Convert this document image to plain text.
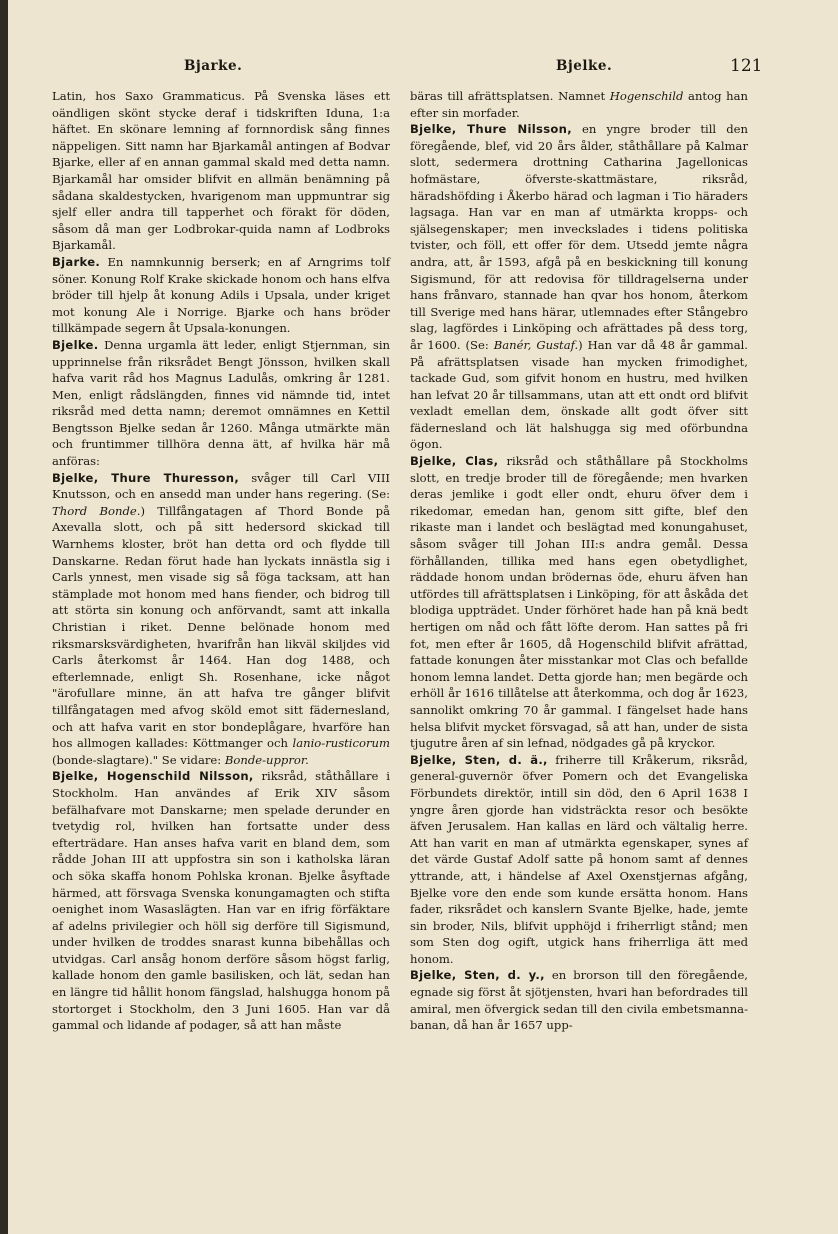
Bjarke.	Bjelke.	121

Latin, hos Saxo Grammaticus. På Svenska läses ett oändligen skönt stycke deraf i tidskriften Iduna, 1:a häftet. En skönare lemning af fornnordisk sång finnes näppeligen. Sitt namn har Bjarkamål antingen af Bodvar Bjarke, eller af en annan gammal skald med detta namn. Bjarkamål har omsider blifvit en allmän benämning på sådana skaldestycken, hvarigenom man uppmuntrar sig sjelf eller andra till tapperhet och förakt för döden, såsom då man ger Lodbrokar-quida namn af Lodbroks Bjarkamål.

Bjarke. En namnkunnig berserk; en af Arngrims tolf söner. Konung Rolf Krake skickade honom och hans elfva bröder till hjelp åt konung Adils i Upsala, under kriget mot konung Ale i Norrige. Bjarke och hans bröder tillkämpade segern åt Upsala-konungen.

Bjelke. Denna urgamla ätt leder, enligt Stjernman, sin upprinnelse från riksrådet Bengt Jönsson, hvilken skall hafva varit råd hos Magnus Ladulås, omkring år 1281. Men, enligt rådslängden, finnes vid nämnde tid, intet riksråd med detta namn; deremot omnämnes en Kettil Bengtsson Bjelke sedan år 1260. Många utmärkte män och fruntimmer tillhöra denna ätt, af hvilka här må anföras:

Bjelke, Thure Thuresson, svåger till Carl VIII Knutsson, och en ansedd man under hans regering. (Se: Thord Bonde.) Tillfångatagen af Thord Bonde på Axevalla slott, och på sitt hedersord skickad till Warnhems kloster, bröt han detta ord och flydde till Danskarne. Redan förut hade han lyckats innästla sig i Carls ynnest, men visade sig så föga tacksam, att han stämplade mot honom med hans fiender, och bidrog till att störta sin konung och anförvandt, samt att inkalla Christian i riket. Denne belönade honom med riksmarsksvärdigheten, hvarifrån han likväl skiljdes vid Carls återkomst år 1464. Han dog 1488, och efterlemnade, enligt Sh. Rosenhane, icke något "ärofullare minne, än att hafva tre gånger blifvit tillfångatagen med afvog sköld emot sitt fädernesland, och att hafva varit en stor bondeplågare, hvarföre han hos allmogen kallades: Köttmanger och lanio-rusticorum (bonde-slagtare)." Se vidare: Bonde-uppror.

Bjelke, Hogenschild Nilsson, riksråd, ståthållare i Stockholm. Han användes af Erik XIV såsom befälhafvare mot Danskarne; men spelade derunder en tvetydig rol, hvilken han fortsatte under dess efterträdare. Han anses hafva varit en bland dem, som rådde Johan III att uppfostra sin son i katholska läran och söka skaffa honom Pohlska kronan. Bjelke åsyftade härmed, att försvaga Svenska konungamagten och stifta oenighet inom Wasaslägten. Han var en ifrig förfäktare af adelns privilegier och höll sig derföre till Sigismund, under hvilken de troddes snarast kunna bibehållas och utvidgas. Carl ansåg honom derföre såsom högst farlig, kallade honom den gamle basilisken, och lät, sedan han en längre tid hållit honom fängslad, halshugga honom på stortorget i Stockholm, den 3 Juni 1605. Han var då gammal och lidande af podager, så att han måste

bäras till afrättsplatsen. Namnet Hogenschild antog han efter sin morfader.

Bjelke, Thure Nilsson, en yngre broder till den föregående, blef, vid 20 års ålder, ståthållare på Kalmar slott, sedermera drottning Catharina Jagellonicas hofmästare, öfverste-skattmästare, riksråd, häradshöfding i Åkerbo härad och lagman i Tio häraders lagsaga. Han var en man af utmärkta kropps- och själsegenskaper; men inveckslades i tidens politiska tvister, och föll, ett offer för dem. Utsedd jemte några andra, att, år 1593, afgå på en beskickning till konung Sigismund, för att redovisa för tilldragelserna under hans frånvaro, stannade han qvar hos honom, återkom till Sverige med hans härar, utlemnades efter Stångebro slag, lagfördes i Linköping och afrättades på dess torg, år 1600. (Se: Banér, Gustaf.) Han var då 48 år gammal. På afrättsplatsen visade han mycken frimodighet, tackade Gud, som gifvit honom en hustru, med hvilken han lefvat 20 år tillsammans, utan att ett ondt ord blifvit vexladt emellan dem, önskade allt godt öfver sitt fädernesland och lät halshugga sig med oförbundna ögon.

Bjelke, Clas, riksråd och ståthållare på Stockholms slott, en tredje broder till de föregående; men hvarken deras jemlike i godt eller ondt, ehuru öfver dem i rikedomar, emedan han, genom sitt gifte, blef den rikaste man i landet och beslägtad med konungahuset, såsom svåger till Johan III:s andra gemål. Dessa förhållanden, tillika med hans egen obetydlighet, räddade honom undan brödernas öde, ehuru äfven han utfördes till afrättsplatsen i Linköping, för att åskåda det blodiga uppträdet. Under förhöret hade han på knä bedt hertigen om nåd och fått löfte derom. Han sattes på fri fot, men efter år 1605, då Hogenschild blifvit afrättad, fattade konungen åter misstankar mot Clas och befallde honom lemna landet. Detta gjorde han; men begärde och erhöll år 1616 tillåtelse att återkomma, och dog år 1623, sannolikt omkring 70 år gammal. I fängelset hade hans helsa blifvit mycket försvagad, så att han, under de sista tjugutre åren af sin lefnad, nödgades gå på kryckor.

Bjelke, Sten, d. ä., friherre till Kråkerum, riksråd, general-guvernör öfver Pomern och det Evangeliska Förbundets direktör, intill sin död, den 6 April 1638 I yngre åren gjorde han vidsträckta resor och besökte äfven Jerusalem. Han kallas en lärd och vältalig herre. Att han varit en man af utmärkta egenskaper, synes af det värde Gustaf Adolf satte på honom samt af dennes yttrande, att, i händelse af Axel Oxenstjernas afgång, Bjelke vore den ende som kunde ersätta honom. Hans fader, riksrådet och kanslern Svante Bjelke, hade, jemte sin broder, Nils, blifvit upphöjd i friherrligt stånd; men som Sten dog ogift, utgick hans friherrliga ätt med honom.

Bjelke, Sten, d. y., en brorson till den föregående, egnade sig först åt sjötjensten, hvari han befordrades till amiral, men öfvergick sedan till den civila embetsmanna-banan, då han år 1657 upp-
